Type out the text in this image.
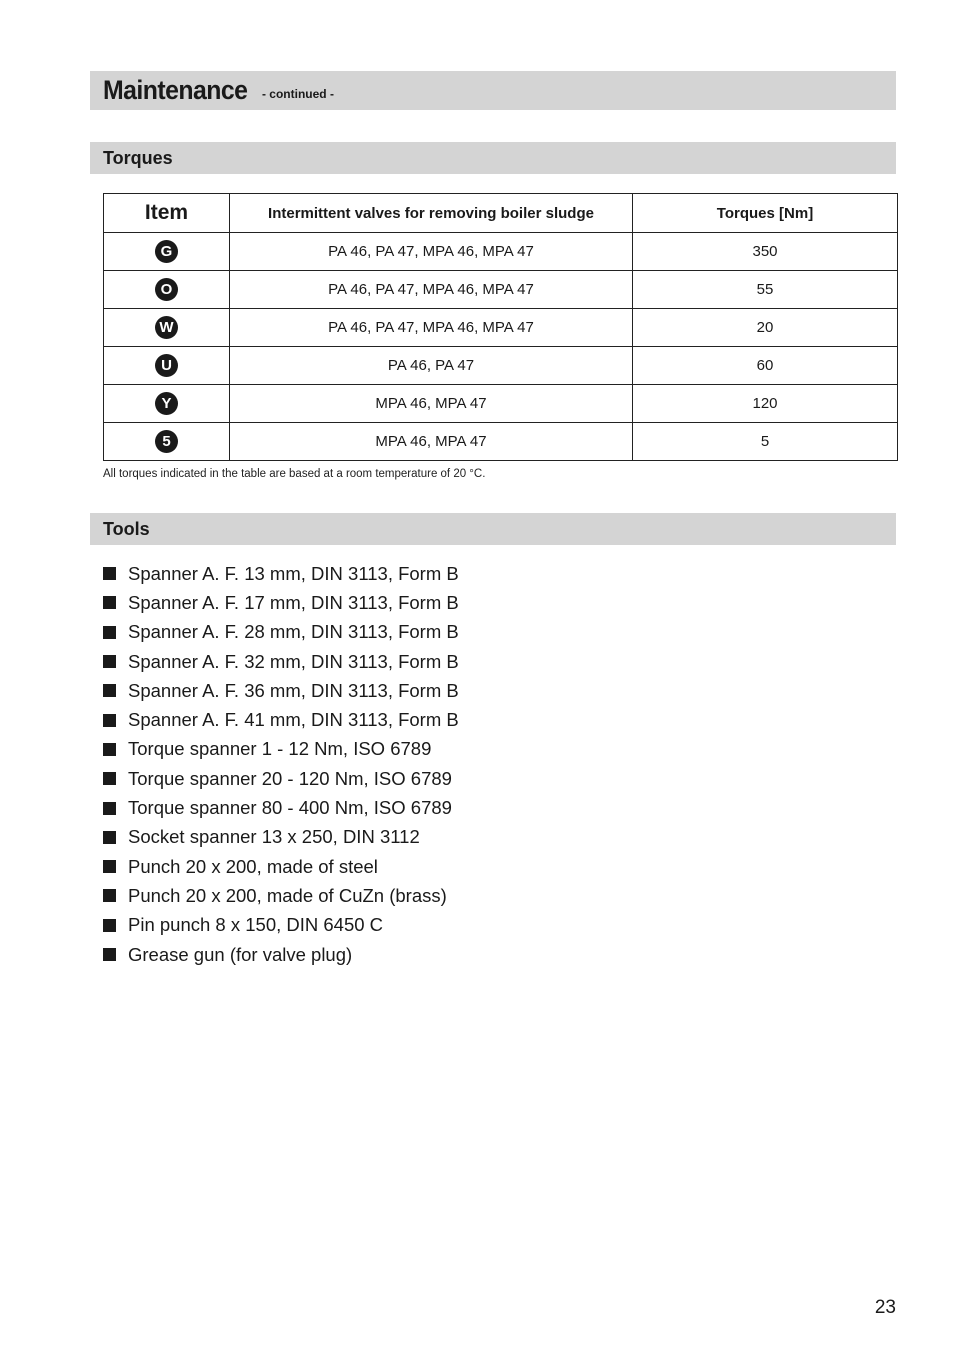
Maintenance - continued -
Torques
Item	Intermittent valves for removing boiler sludge	Torques [Nm]
G	PA 46, PA 47, MPA 46, MPA 47	350
O	PA 46, PA 47, MPA 46, MPA 47	55
W	PA 46, PA 47, MPA 46, MPA 47	20
U	PA 46, PA 47	60
Y	MPA 46, MPA 47	120
5	MPA 46, MPA 47	5
All torques indicated in the table are based at a room temperature of 20 °C.
Tools
Spanner A. F. 13 mm, DIN 3113, Form B
Spanner A. F. 17 mm, DIN 3113, Form B
Spanner A. F. 28 mm, DIN 3113, Form B
Spanner A. F. 32 mm, DIN 3113, Form B
Spanner A. F. 36 mm, DIN 3113, Form B
Spanner A. F. 41 mm, DIN 3113, Form B
Torque spanner 1 - 12 Nm, ISO 6789
Torque spanner 20 - 120 Nm, ISO 6789
Torque spanner 80 - 400 Nm, ISO 6789
Socket spanner 13 x 250, DIN 3112
Punch 20 x 200, made of steel
Punch 20 x 200, made of CuZn (brass)
Pin punch 8 x 150, DIN 6450 C
Grease gun (for valve plug)
23
